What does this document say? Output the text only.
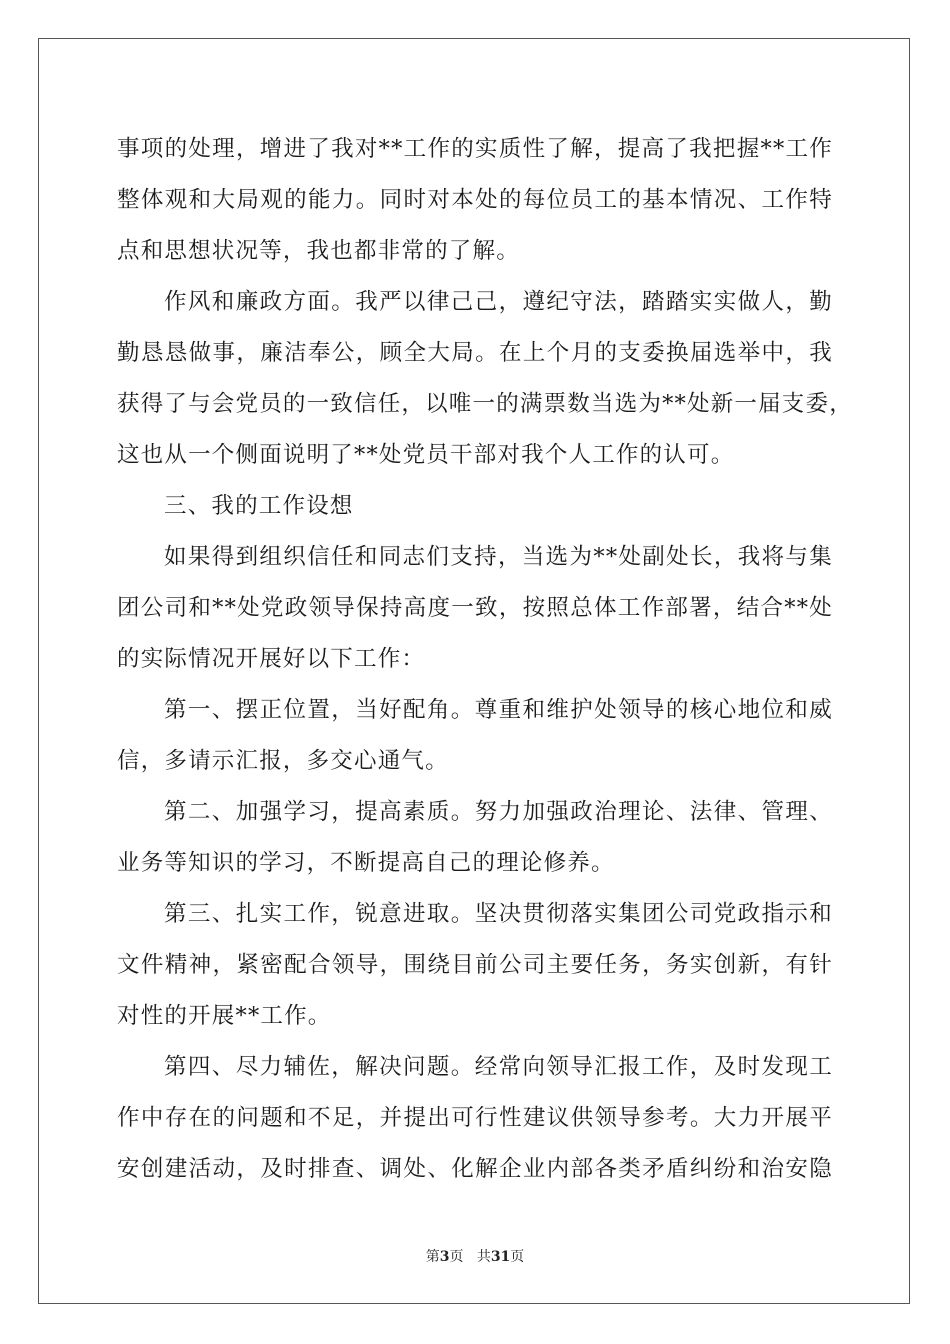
事项的处理，增进了我对**工作的实质性了解，提高了我把握**工作
整体观和大局观的能力。同时对本处的每位员工的基本情况、工作特
点和思想状况等，我也都非常的了解。
作风和廉政方面。我严以律己己，遵纪守法，踏踏实实做人，勤
勤恳恳做事，廉洁奉公，顾全大局。在上个月的支委换届选举中，我
获得了与会党员的一致信任，以唯一的满票数当选为**处新一届支委，
这也从一个侧面说明了**处党员干部对我个人工作的认可。
三、我的工作设想
如果得到组织信任和同志们支持，当选为**处副处长，我将与集
团公司和**处党政领导保持高度一致，按照总体工作部署，结合**处
的实际情况开展好以下工作：
第一、摆正位置，当好配角。尊重和维护处领导的核心地位和威
信，多请示汇报，多交心通气。
第二、加强学习，提高素质。努力加强政治理论、法律、管理、
业务等知识的学习，不断提高自己的理论修养。
第三、扎实工作，锐意进取。坚决贯彻落实集团公司党政指示和
文件精神，紧密配合领导，围绕目前公司主要任务，务实创新，有针
对性的开展**工作。
第四、尽力辅佐，解决问题。经常向领导汇报工作，及时发现工
作中存在的问题和不足，并提出可行性建议供领导参考。大力开展平
安创建活动，及时排查、调处、化解企业内部各类矛盾纠纷和治安隐
第3页 共31页
